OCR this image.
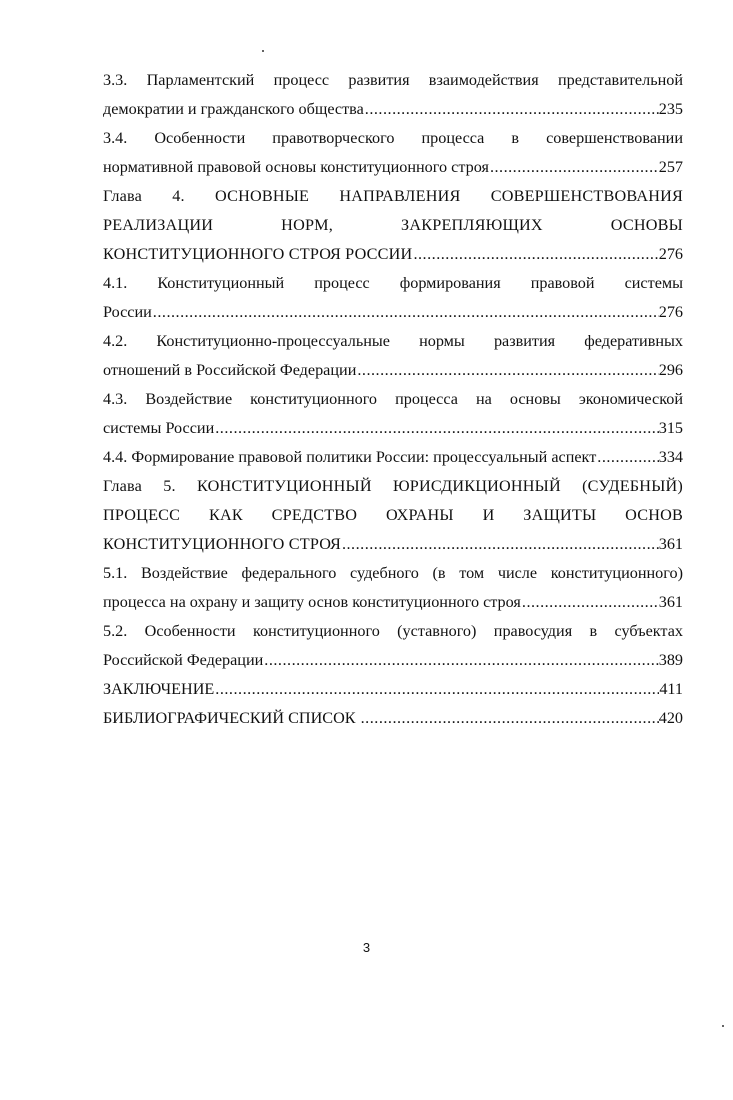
3.3. Парламентский процесс развития взаимодействия представительной
демократии и гражданского общества .....	235
3.4. Особенности правотворческого процесса в совершенствовании
нормативной правовой основы конституционного строя .....	257
Глава 4. ОСНОВНЫЕ НАПРАВЛЕНИЯ СОВЕРШЕНСТВОВАНИЯ
РЕАЛИЗАЦИИ НОРМ, ЗАКРЕПЛЯЮЩИХ ОСНОВЫ
КОНСТИТУЦИОННОГО СТРОЯ РОССИИ .....	276
4.1. Конституционный процесс формирования правовой системы
России .....	276
4.2. Конституционно-процессуальные нормы развития федеративных
отношений в Российской Федерации .....	296
4.3. Воздействие конституционного процесса на основы экономической
системы России .....	315
4.4. Формирование правовой политики России: процессуальный аспект .....	334
Глава 5. КОНСТИТУЦИОННЫЙ ЮРИСДИКЦИОННЫЙ (СУДЕБНЫЙ)
ПРОЦЕСС КАК СРЕДСТВО ОХРАНЫ И ЗАЩИТЫ ОСНОВ
КОНСТИТУЦИОННОГО СТРОЯ .....	361
5.1. Воздействие федерального судебного (в том числе конституционного)
процесса на охрану и защиту основ конституционного строя .....	361
5.2. Особенности конституционного (уставного) правосудия в субъектах
Российской Федерации .....	389
ЗАКЛЮЧЕНИЕ .....	411
БИБЛИОГРАФИЧЕСКИЙ СПИСОК .....	420
3
